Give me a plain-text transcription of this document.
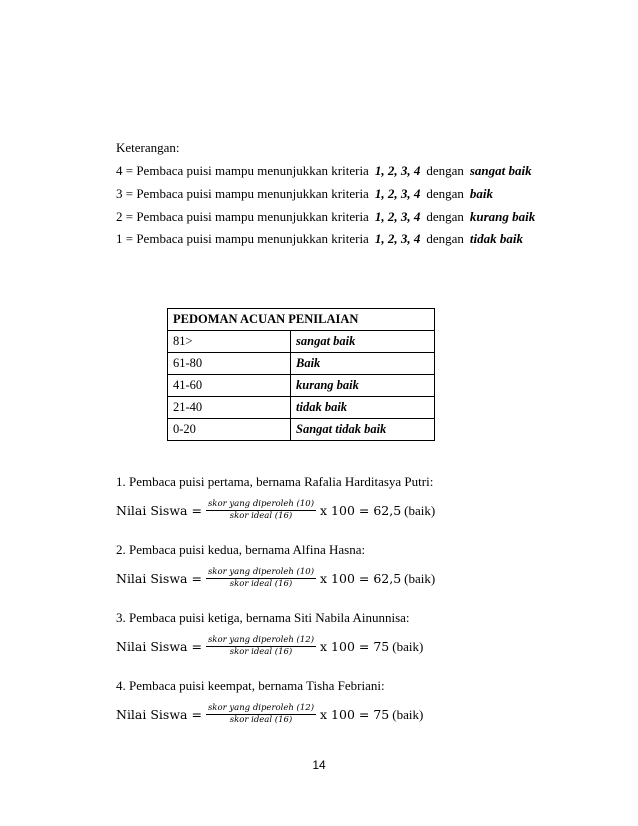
Keterangan:
4 = Pembaca puisi mampu menunjukkan kriteria 1, 2, 3, 4 dengan sangat baik
3 = Pembaca puisi mampu menunjukkan kriteria 1, 2, 3, 4 dengan baik
2 = Pembaca puisi mampu menunjukkan kriteria 1, 2, 3, 4 dengan kurang baik
1 = Pembaca puisi mampu menunjukkan kriteria 1, 2, 3, 4 dengan tidak baik
PEDOMAN ACUAN PENILAIAN	
81>	sangat baik
61-80	Baik
41-60	kurang baik
21-40	tidak baik
0-20	Sangat tidak baik
1. Pembaca puisi pertama, bernama Rafalia Harditasya Putri:
Nilai Siswa = $\frac{\text{skor yang diperoleh (10)}}{\text{skor ideal (16)}}$ x 100 = 62,5 (baik)
2. Pembaca puisi kedua, bernama Alfina Hasna:
Nilai Siswa = $\frac{\text{skor yang diperoleh (10)}}{\text{skor ideal (16)}}$ x 100 = 62,5 (baik)
3. Pembaca puisi ketiga, bernama Siti Nabila Ainunnisa:
Nilai Siswa = $\frac{\text{skor yang diperoleh (12)}}{\text{skor ideal (16)}}$ x 100 = 75 (baik)
4. Pembaca puisi keempat, bernama Tisha Febriani:
Nilai Siswa = $\frac{\text{skor yang diperoleh (12)}}{\text{skor ideal (16)}}$ x 100 = 75 (baik)
14
